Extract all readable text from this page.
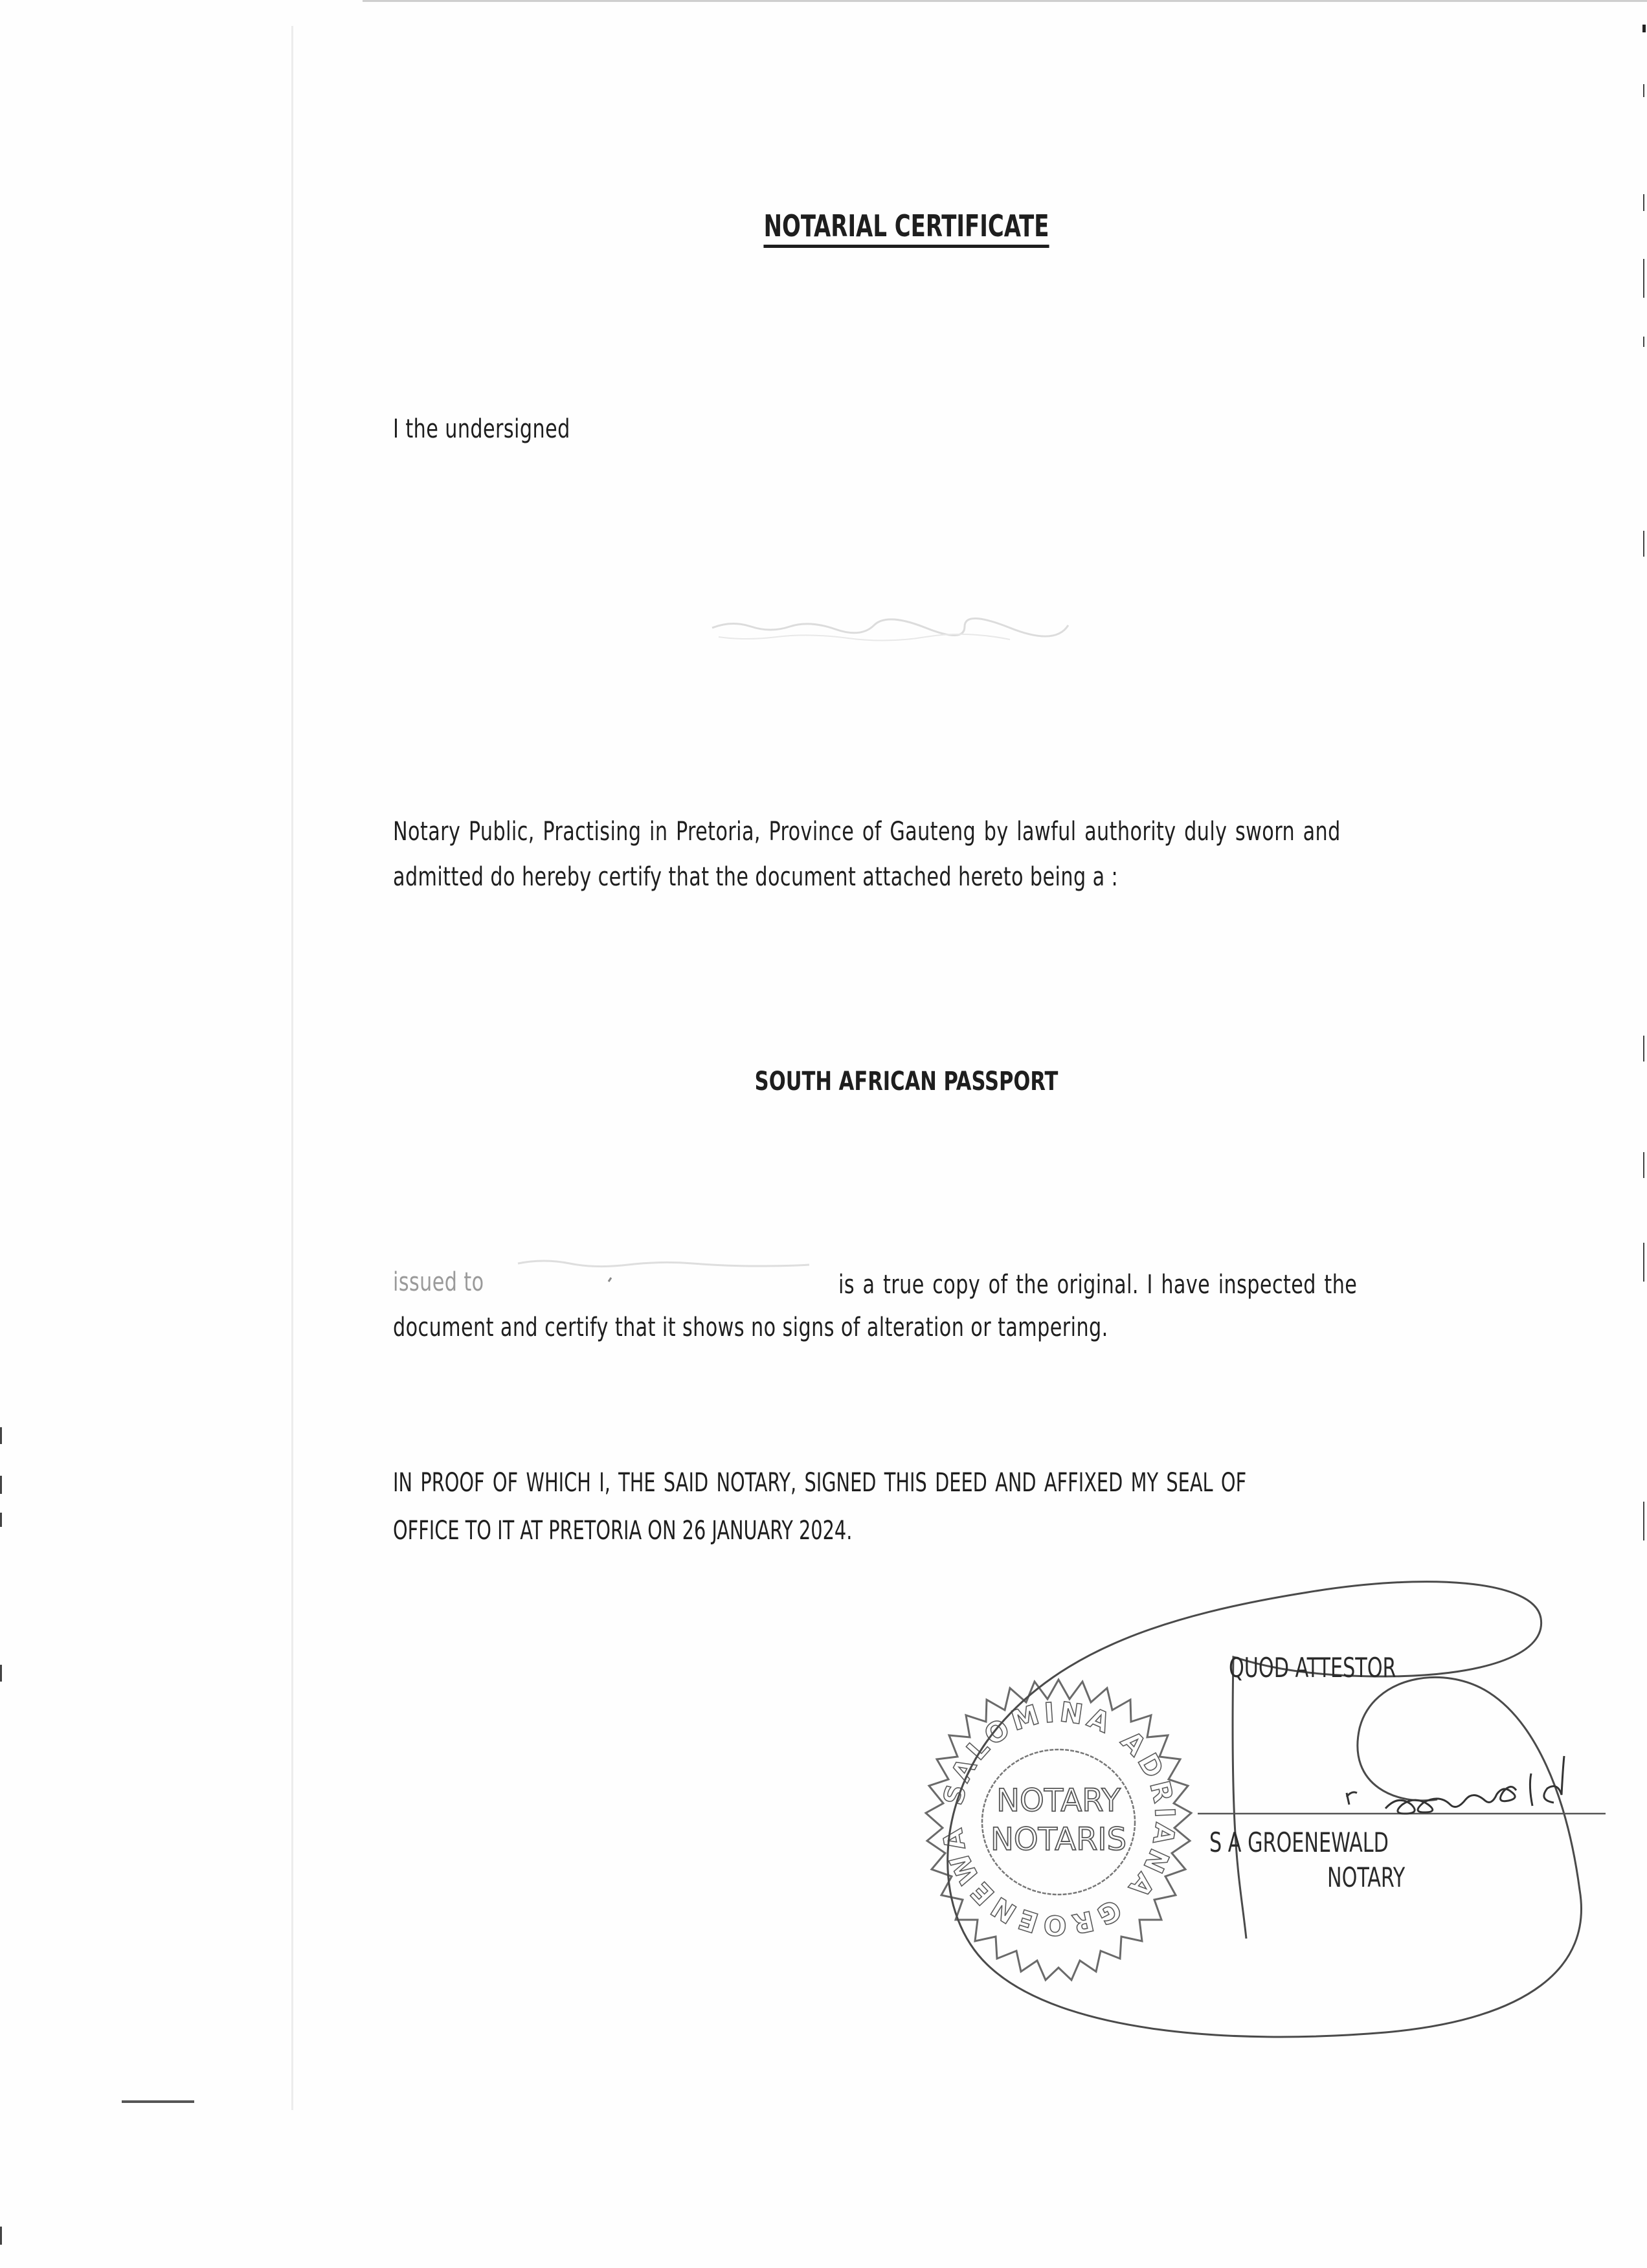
NOTARIAL CERTIFICATE
I the undersigned
Notary Public, Practising in Pretoria, Province of Gauteng by lawful authority duly sworn and
admitted do hereby certify that the document attached hereto being a :
SOUTH AFRICAN PASSPORT
issued to	is a true copy of the original. I have inspected the
document and certify that it shows no signs of alteration or tampering.
IN PROOF OF WHICH I, THE SAID NOTARY, SIGNED THIS DEED AND AFFIXED MY SEAL OF
OFFICE TO IT AT PRETORIA ON 26 JANUARY 2024.
SALOMINA ADRIANA GROENEWALD
NOTARY
NOTARIS
QUOD ATTESTOR
S A GROENEWALD
NOTARY
